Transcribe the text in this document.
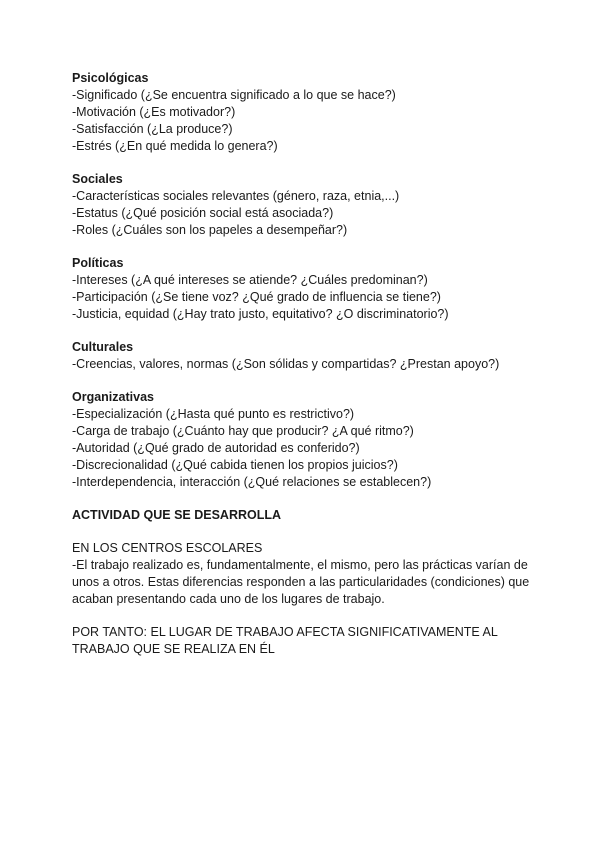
Psicológicas

-Significado (¿Se encuentra significado a lo que se hace?)

-Motivación (¿Es motivador?)

-Satisfacción (¿La produce?)

-Estrés (¿En qué medida lo genera?)

Sociales

-Características sociales relevantes (género, raza, etnia,...)

-Estatus (¿Qué posición social está asociada?)

-Roles (¿Cuáles son los papeles a desempeñar?)

Políticas

-Intereses (¿A qué intereses se atiende? ¿Cuáles predominan?)

-Participación (¿Se tiene voz? ¿Qué grado de influencia se tiene?)

-Justicia, equidad (¿Hay trato justo, equitativo? ¿O discriminatorio?)

Culturales

-Creencias, valores, normas (¿Son sólidas y compartidas? ¿Prestan apoyo?)

Organizativas

-Especialización (¿Hasta qué punto es restrictivo?)

-Carga de trabajo (¿Cuánto hay que producir? ¿A qué ritmo?)

-Autoridad (¿Qué grado de autoridad es conferido?)

-Discrecionalidad (¿Qué cabida tienen los propios juicios?)

-Interdependencia, interacción (¿Qué relaciones se establecen?)

ACTIVIDAD QUE SE DESARROLLA

EN LOS CENTROS ESCOLARES

-El trabajo realizado es, fundamentalmente, el mismo, pero las prácticas varían de

unos a otros. Estas diferencias responden a las particularidades (condiciones) que

acaban presentando cada uno de los lugares de trabajo.

POR TANTO: EL LUGAR DE TRABAJO AFECTA SIGNIFICATIVAMENTE AL

TRABAJO QUE SE REALIZA EN ÉL
